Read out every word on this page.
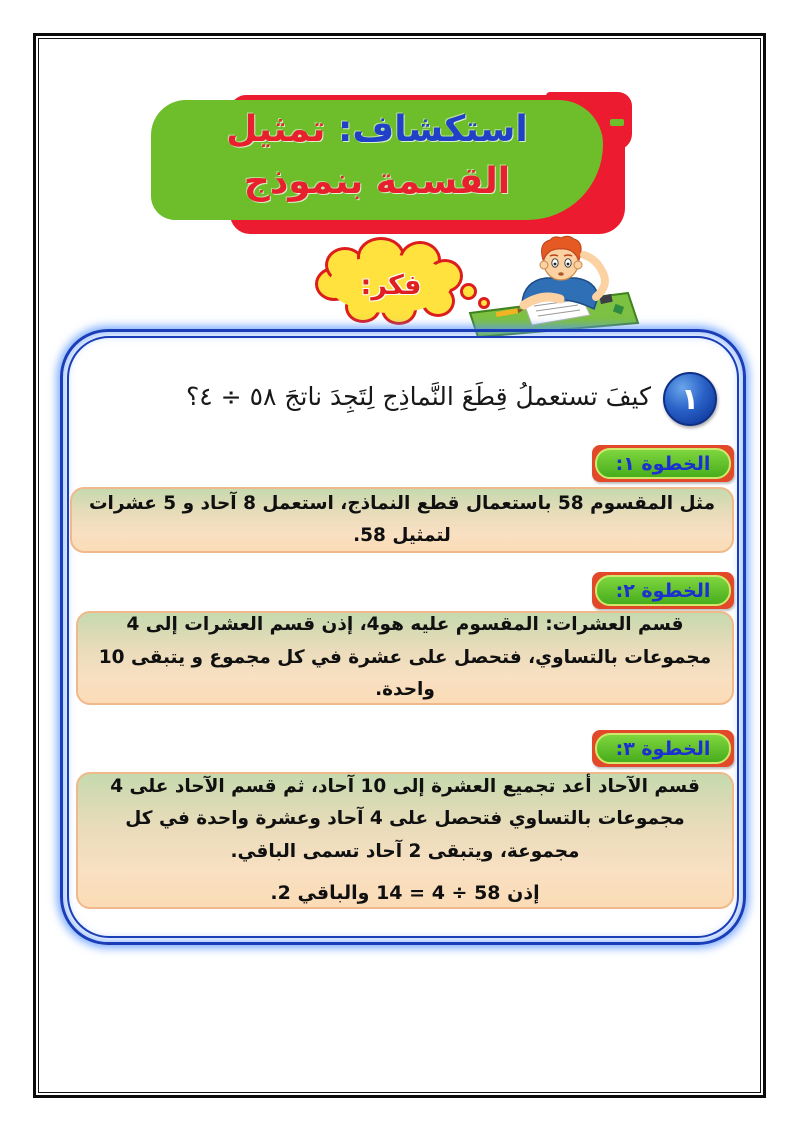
استكشاف: تمثيل
القسمة بنموذج
فكر:
١
كيفَ تستعملُ قِطَعَ النَّماذِج لِتَجِدَ ناتجَ ٥٨ ÷ ٤؟
الخطوة ١:

مثل المقسوم 58 باستعمال قطع النماذج، استعمل 8 آحاد و 5 عشرات لتمثيل 58.

الخطوة ٢:

قسم العشرات: المقسوم عليه هو4، إذن قسم العشرات إلى 4 مجموعات بالتساوي، فتحصل على عشرة في كل مجموع و يتبقى 10 واحدة.

الخطوة ٣:

قسم الآحاد أعد تجميع العشرة إلى 10 آحاد، ثم قسم الآحاد على 4 مجموعات بالتساوي فتحصل على 4 آحاد وعشرة واحدة في كل مجموعة، ويتبقى 2 آحاد تسمى الباقي.

إذن 58 ÷ 4 = 14 والباقي 2.
